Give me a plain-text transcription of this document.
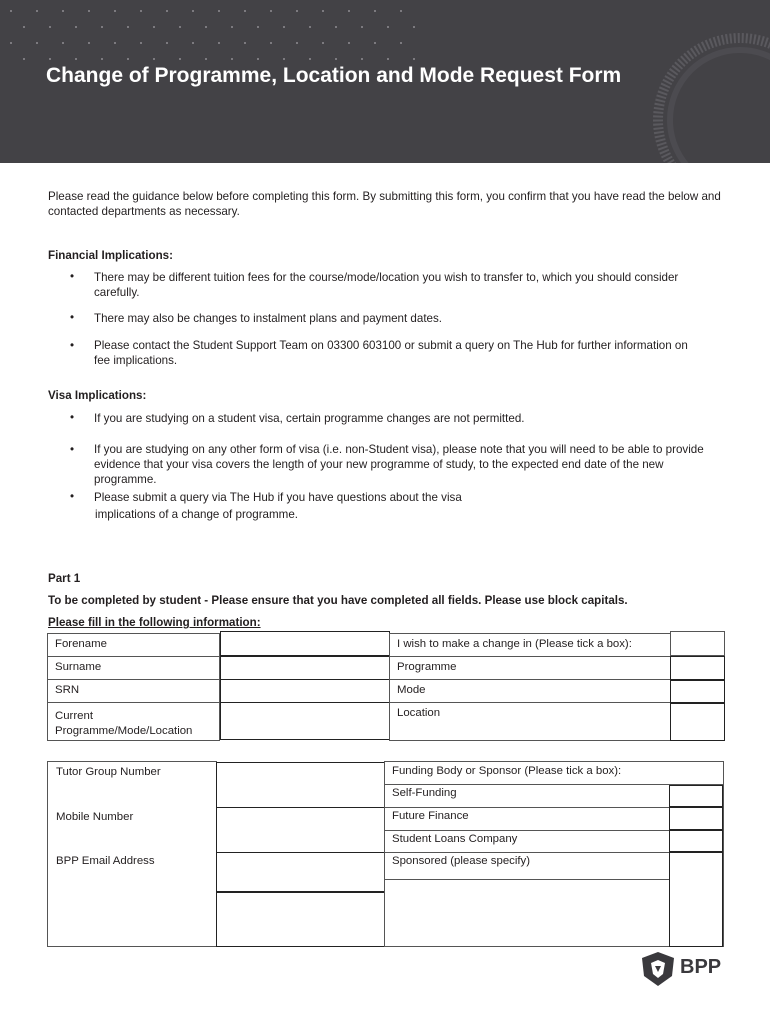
Change of Programme, Location and Mode Request Form
Please read the guidance below before completing this form. By submitting this form, you confirm that you have read the below and contacted departments as necessary.
Financial Implications:
• There may be different tuition fees for the course/mode/location you wish to transfer to, which you should consider carefully.
• There may also be changes to instalment plans and payment dates.
• Please contact the Student Support Team on 03300 603100 or submit a query on The Hub for further information on fee implications.
Visa Implications:
• If you are studying on a student visa, certain programme changes are not permitted.
• If you are studying on any other form of visa (i.e. non-Student visa), please note that you will need to be able to provide evidence that your visa covers the length of your new programme of study, to the expected end date of the new programme.
• Please submit a query via The Hub if you have questions about the visa
implications of a change of programme.
Part 1
To be completed by student - Please ensure that you have completed all fields. Please use block capitals.
Please fill in the following information:
Forename
Surname
SRN
Current
Programme/Mode/Location
I wish to make a change in (Please tick a box):
Programme
Mode
Location
Tutor Group Number
Mobile Number
BPP Email Address
Funding Body or Sponsor (Please tick a box):
Self-Funding
Future Finance
Student Loans Company
Sponsored (please specify)
BPP
